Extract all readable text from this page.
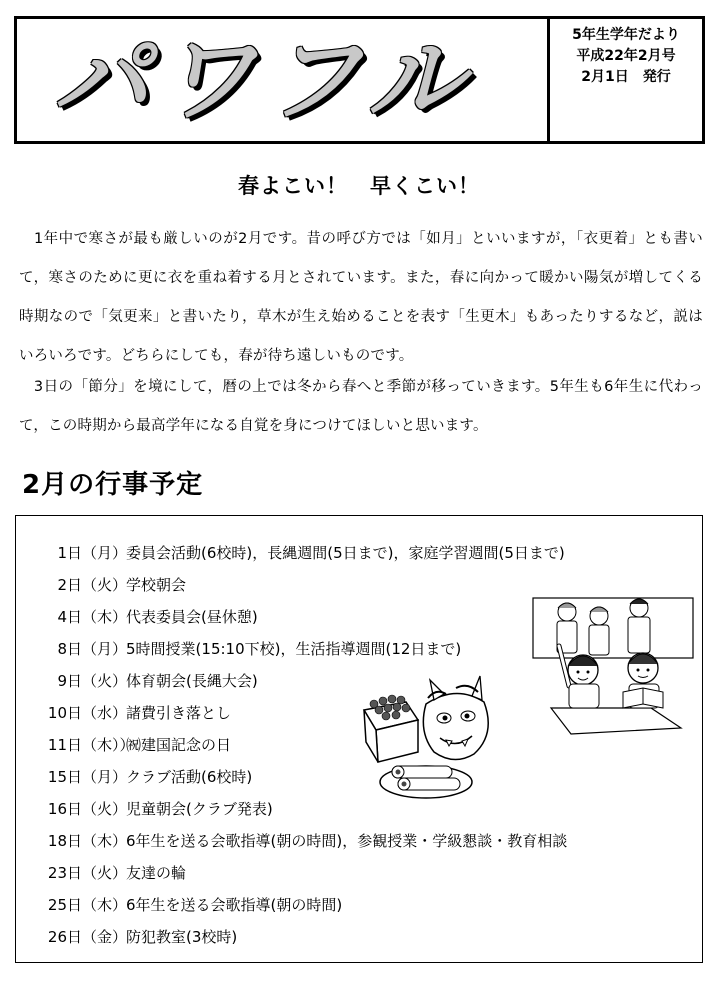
パワフル	5年生学年だより
平成22年2月号
2月1日　発行
春よこい！　早くこい！
　1年中で寒さが最も厳しいのが2月です。昔の呼び方では「如月」といいますが，「衣更着」とも書いて，寒さのために更に衣を重ね着する月とされています。また，春に向かって暖かい陽気が増してくる時期なので「気更来」と書いたり，草木が生え始めることを表す「生更木」もあったりするなど，説はいろいろです。どちらにしても，春が待ち遠しいものです。
　3日の「節分」を境にして，暦の上では冬から春へと季節が移っていきます。5年生も6年生に代わって，この時期から最高学年になる自覚を身につけてほしいと思います。
2月の行事予定
1日（月）委員会活動(6校時)，長縄週間(5日まで)，家庭学習週間(5日まで)
2日（火）学校朝会
4日（木）代表委員会(昼休憩)
8日（月）5時間授業(15:10下校)，生活指導週間(12日まで)
9日（火）体育朝会(長縄大会)
10日（水）諸費引き落とし
11日（木））㈷建国記念の日
15日（月）クラブ活動(6校時)
16日（火）児童朝会(クラブ発表)
18日（木）6年生を送る会歌指導(朝の時間)，参観授業・学級懇談・教育相談
23日（火）友達の輪
25日（木）6年生を送る会歌指導(朝の時間)
26日（金）防犯教室(3校時)
